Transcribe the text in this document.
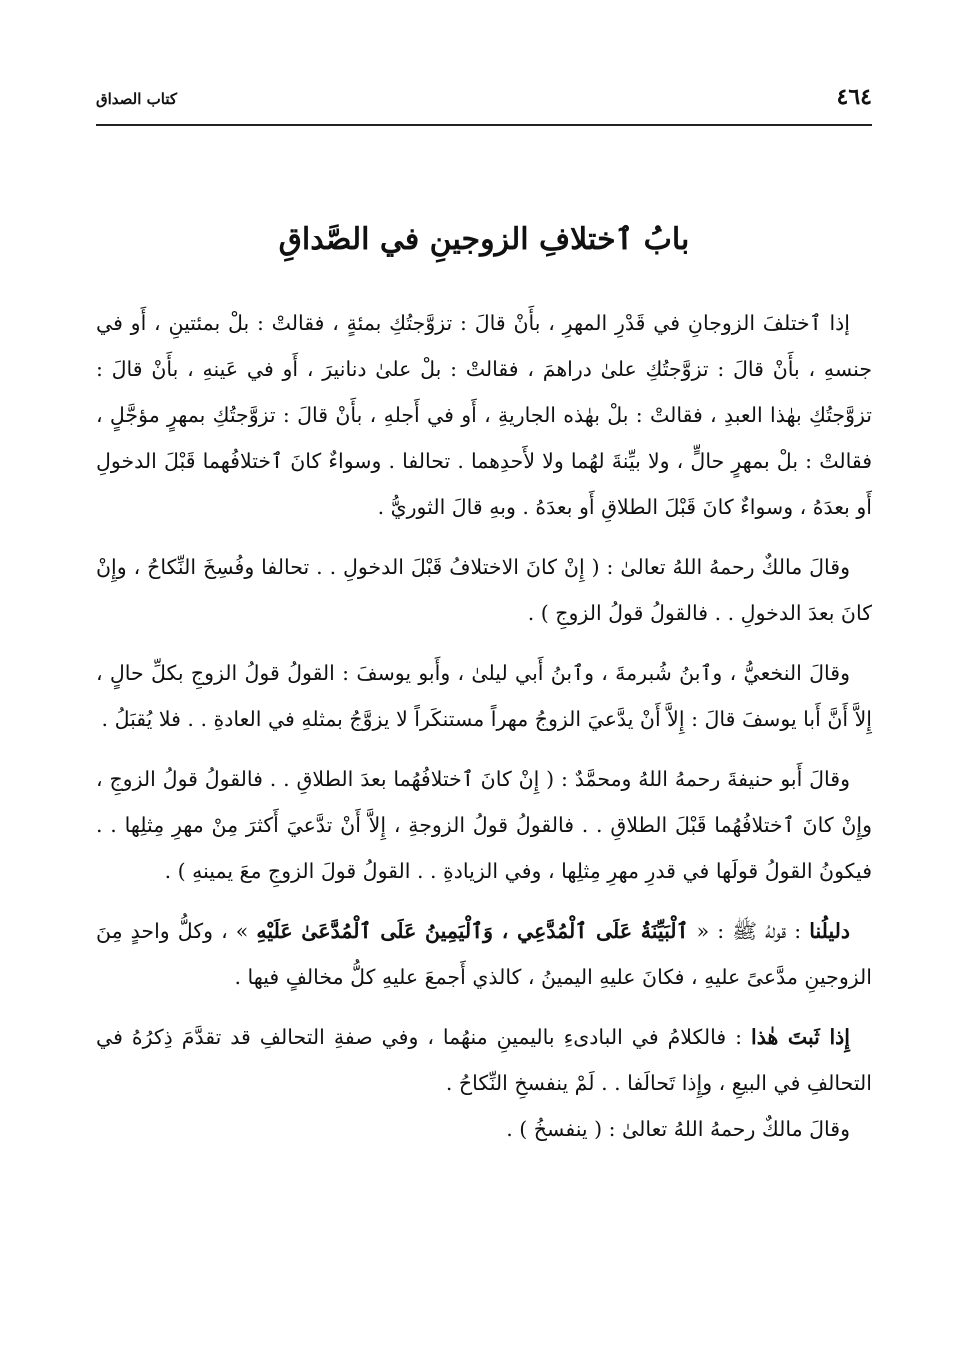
كتاب الصداق	٤٦٤
بابُ ٱختلافِ الزوجينِ في الصَّداقِ

إذا ٱختلفَ الزوجانِ في قَدْرِ المهرِ ، بأَنْ قالَ : تزوَّجتُكِ بمئةٍ ، فقالتْ : بلْ بمئتينِ ، أَو في جنسهِ ، بأَنْ قالَ : تزوَّجتُكِ علىٰ دراهمَ ، فقالتْ : بلْ علىٰ دنانيرَ ، أَو في عَينهِ ، بأَنْ قالَ : تزوَّجتُكِ بهٰذا العبدِ ، فقالتْ : بلْ بهٰذه الجاريةِ ، أَو في أَجلهِ ، بأَنْ قالَ : تزوَّجتُكِ بمهرٍ مؤجَّلٍ ، فقالتْ : بلْ بمهرٍ حالٍّ ، ولا بيِّنةَ لهُما ولا لأَحدِهما . تحالفا . وسواءٌ كانَ ٱختلافُهما قَبْلَ الدخولِ أَو بعدَهُ ، وسواءٌ كانَ قَبْلَ الطلاقِ أَو بعدَهُ . وبهِ قالَ الثوريُّ .

وقالَ مالكٌ رحمهُ اللهُ تعالىٰ : ( إِنْ كانَ الاختلافُ قَبْلَ الدخولِ . . تحالفا وفُسِخَ النِّكاحُ ، وإِنْ كانَ بعدَ الدخولِ . . فالقولُ قولُ الزوجِ ) .

وقالَ النخعيُّ ، وٱبنُ شُبرمةَ ، وٱبنُ أَبي ليلىٰ ، وأَبو يوسفَ : القولُ قولُ الزوجِ بكلِّ حالٍ ، إِلاَّ أَنَّ أَبا يوسفَ قالَ : إِلاَّ أَنْ يدَّعيَ الزوجُ مهراً مستنكَراً لا يزوَّجُ بمثلهِ في العادةِ . . فلا يُقبَلُ .

وقالَ أَبو حنيفةَ رحمهُ اللهُ ومحمَّدٌ : ( إِنْ كانَ ٱختلافُهُما بعدَ الطلاقِ . . فالقولُ قولُ الزوجِ ، وإِنْ كانَ ٱختلافُهُما قَبْلَ الطلاقِ . . فالقولُ قولُ الزوجةِ ، إِلاَّ أَنْ تدَّعيَ أَكثرَ مِنْ مهرِ مِثلِها . . فيكونُ القولُ قولَها في قدرِ مهرِ مِثلِها ، وفي الزيادةِ . . القولُ قولَ الزوجِ معَ يمينهِ ) .

دليلُنا : قولهُ ﷺ : « ٱلْبَيِّنَةُ عَلَى ٱلْمُدَّعِي ، وَٱلْيَمِينُ عَلَى ٱلْمُدَّعَىٰ عَلَيْهِ » ، وكلُّ واحدٍ مِنَ الزوجينِ مدَّعىً عليهِ ، فكانَ عليهِ اليمينُ ، كالذي أَجمعَ عليهِ كلُّ مخالفٍ فيها .

إِذا ثَبتَ هٰذا : فالكلامُ في البادىءِ باليمينِ منهُما ، وفي صفةِ التحالفِ قد تقدَّمَ ذِكرُهُ في التحالفِ في البيعِ ، وإِذا تَحالَفا . . لَمْ ينفسخِ النِّكاحُ .

وقالَ مالكٌ رحمهُ اللهُ تعالىٰ : ( ينفسخُ ) .
